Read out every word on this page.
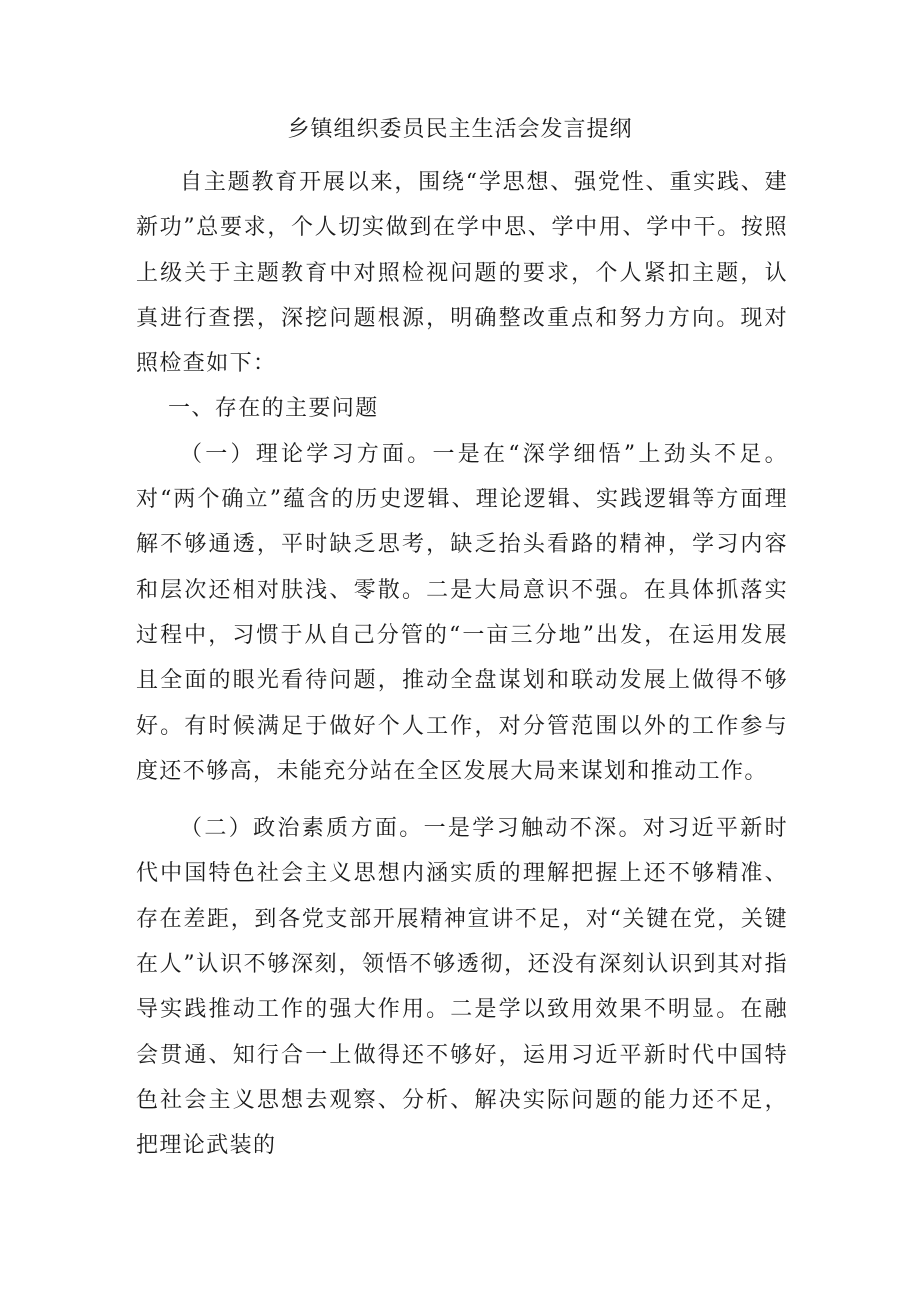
乡镇组织委员民主生活会发言提纲

自主题教育开展以来，围绕“学思想、强党性、重实践、建新功”总要求，个人切实做到在学中思、学中用、学中干。按照上级关于主题教育中对照检视问题的要求，个人紧扣主题，认真进行查摆，深挖问题根源，明确整改重点和努力方向。现对照检查如下：

一、存在的主要问题

（一）理论学习方面。一是在“深学细悟”上劲头不足。对“两个确立”蕴含的历史逻辑、理论逻辑、实践逻辑等方面理解不够通透，平时缺乏思考，缺乏抬头看路的精神，学习内容和层次还相对肤浅、零散。二是大局意识不强。在具体抓落实过程中，习惯于从自己分管的“一亩三分地”出发，在运用发展且全面的眼光看待问题，推动全盘谋划和联动发展上做得不够好。有时候满足于做好个人工作，对分管范围以外的工作参与度还不够高，未能充分站在全区发展大局来谋划和推动工作。

（二）政治素质方面。一是学习触动不深。对习近平新时代中国特色社会主义思想内涵实质的理解把握上还不够精准、存在差距，到各党支部开展精神宣讲不足，对“关键在党，关键在人”认识不够深刻，领悟不够透彻，还没有深刻认识到其对指导实践推动工作的强大作用。二是学以致用效果不明显。在融会贯通、知行合一上做得还不够好，运用习近平新时代中国特色社会主义思想去观察、分析、解决实际问题的能力还不足，把理论武装的
